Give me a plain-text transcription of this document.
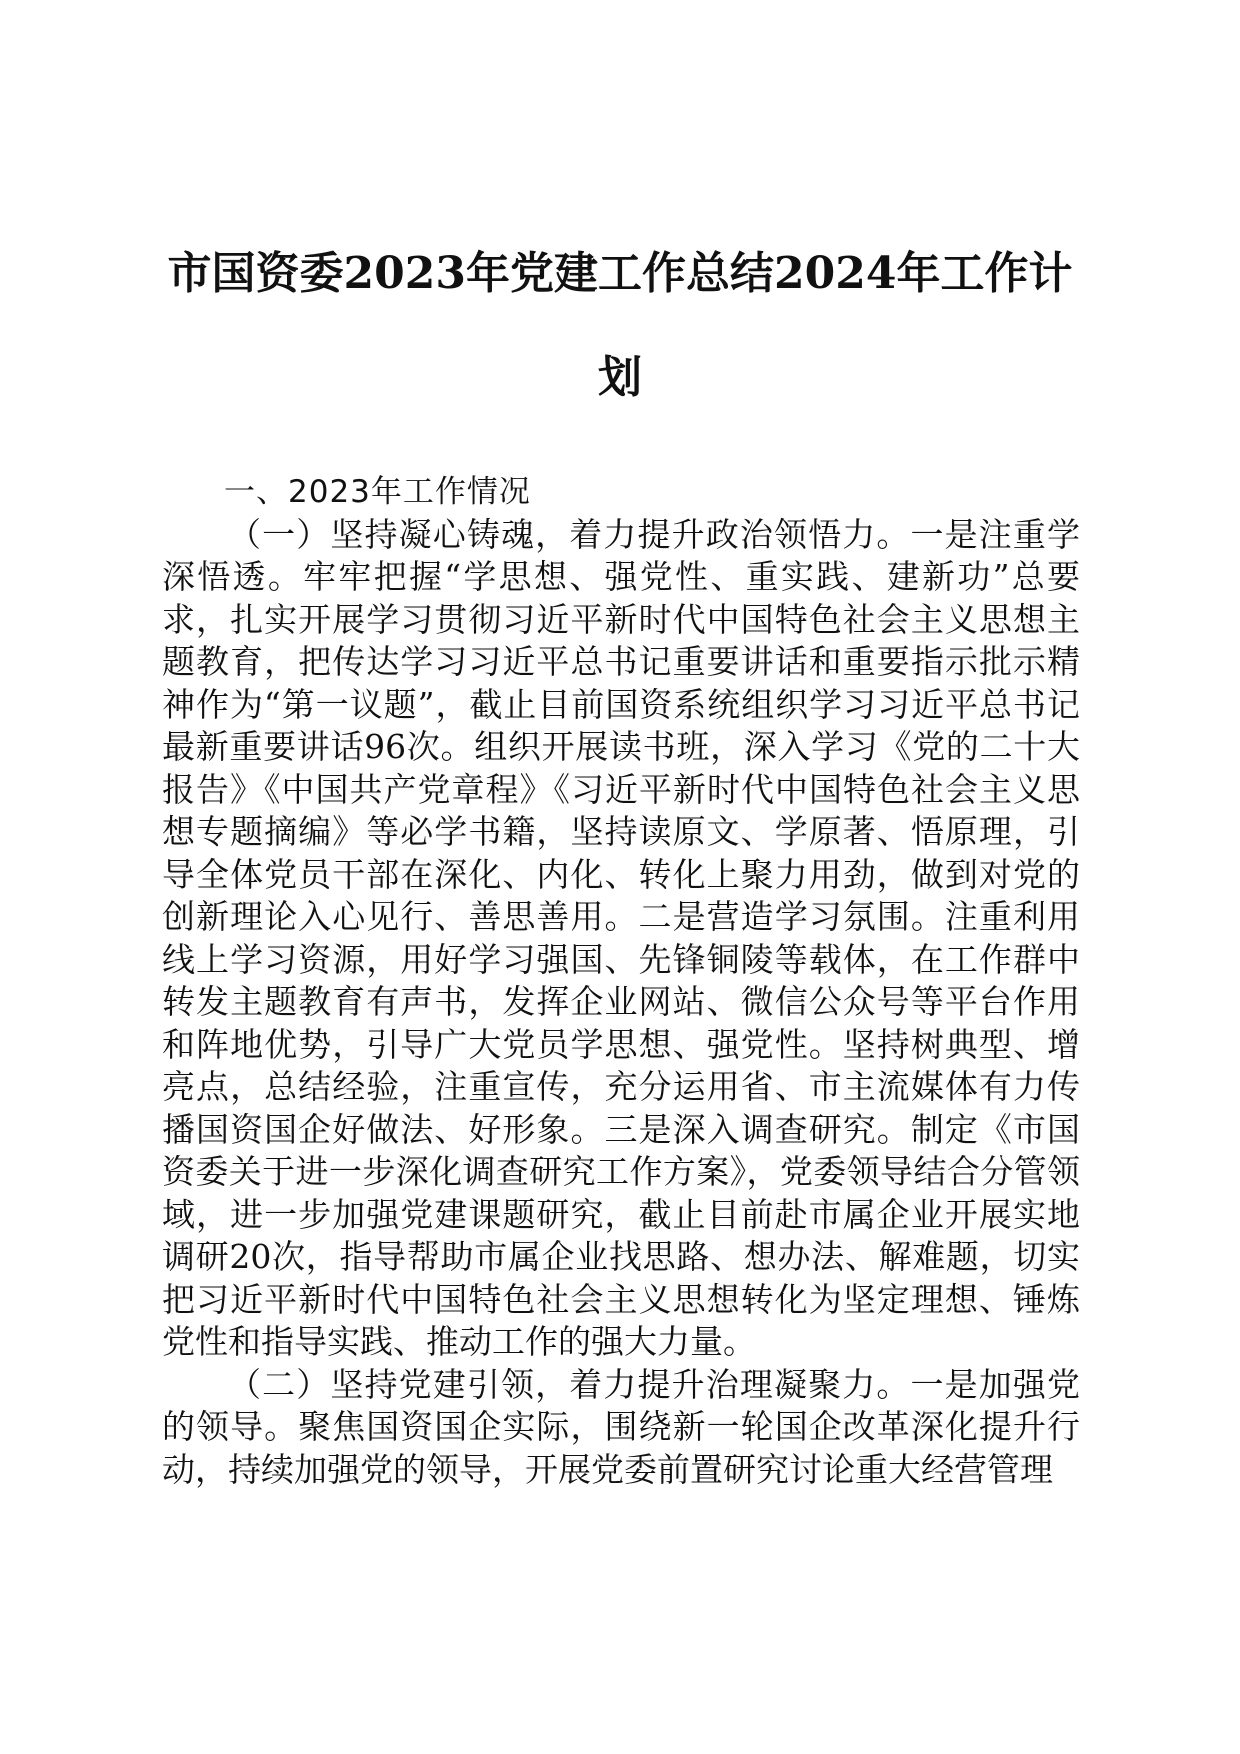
市国资委2023年党建工作总结2024年工作计划

一、2023年工作情况

（一）坚持凝心铸魂，着力提升政治领悟力。一是注重学深悟透。牢牢把握“学思想、强党性、重实践、建新功”总要求，扎实开展学习贯彻习近平新时代中国特色社会主义思想主题教育，把传达学习习近平总书记重要讲话和重要指示批示精神作为“第一议题”，截止目前国资系统组织学习习近平总书记最新重要讲话96次。组织开展读书班，深入学习《党的二十大报告》《中国共产党章程》《习近平新时代中国特色社会主义思想专题摘编》等必学书籍，坚持读原文、学原著、悟原理，引导全体党员干部在深化、内化、转化上聚力用劲，做到对党的创新理论入心见行、善思善用。二是营造学习氛围。注重利用线上学习资源，用好学习强国、先锋铜陵等载体，在工作群中转发主题教育有声书，发挥企业网站、微信公众号等平台作用和阵地优势，引导广大党员学思想、强党性。坚持树典型、增亮点，总结经验，注重宣传，充分运用省、市主流媒体有力传播国资国企好做法、好形象。三是深入调查研究。制定《市国资委关于进一步深化调查研究工作方案》，党委领导结合分管领域，进一步加强党建课题研究，截止目前赴市属企业开展实地调研20次，指导帮助市属企业找思路、想办法、解难题，切实把习近平新时代中国特色社会主义思想转化为坚定理想、锤炼党性和指导实践、推动工作的强大力量。

（二）坚持党建引领，着力提升治理凝聚力。一是加强党的领导。聚焦国资国企实际，围绕新一轮国企改革深化提升行动，持续加强党的领导，开展党委前置研究讨论重大经营管理
